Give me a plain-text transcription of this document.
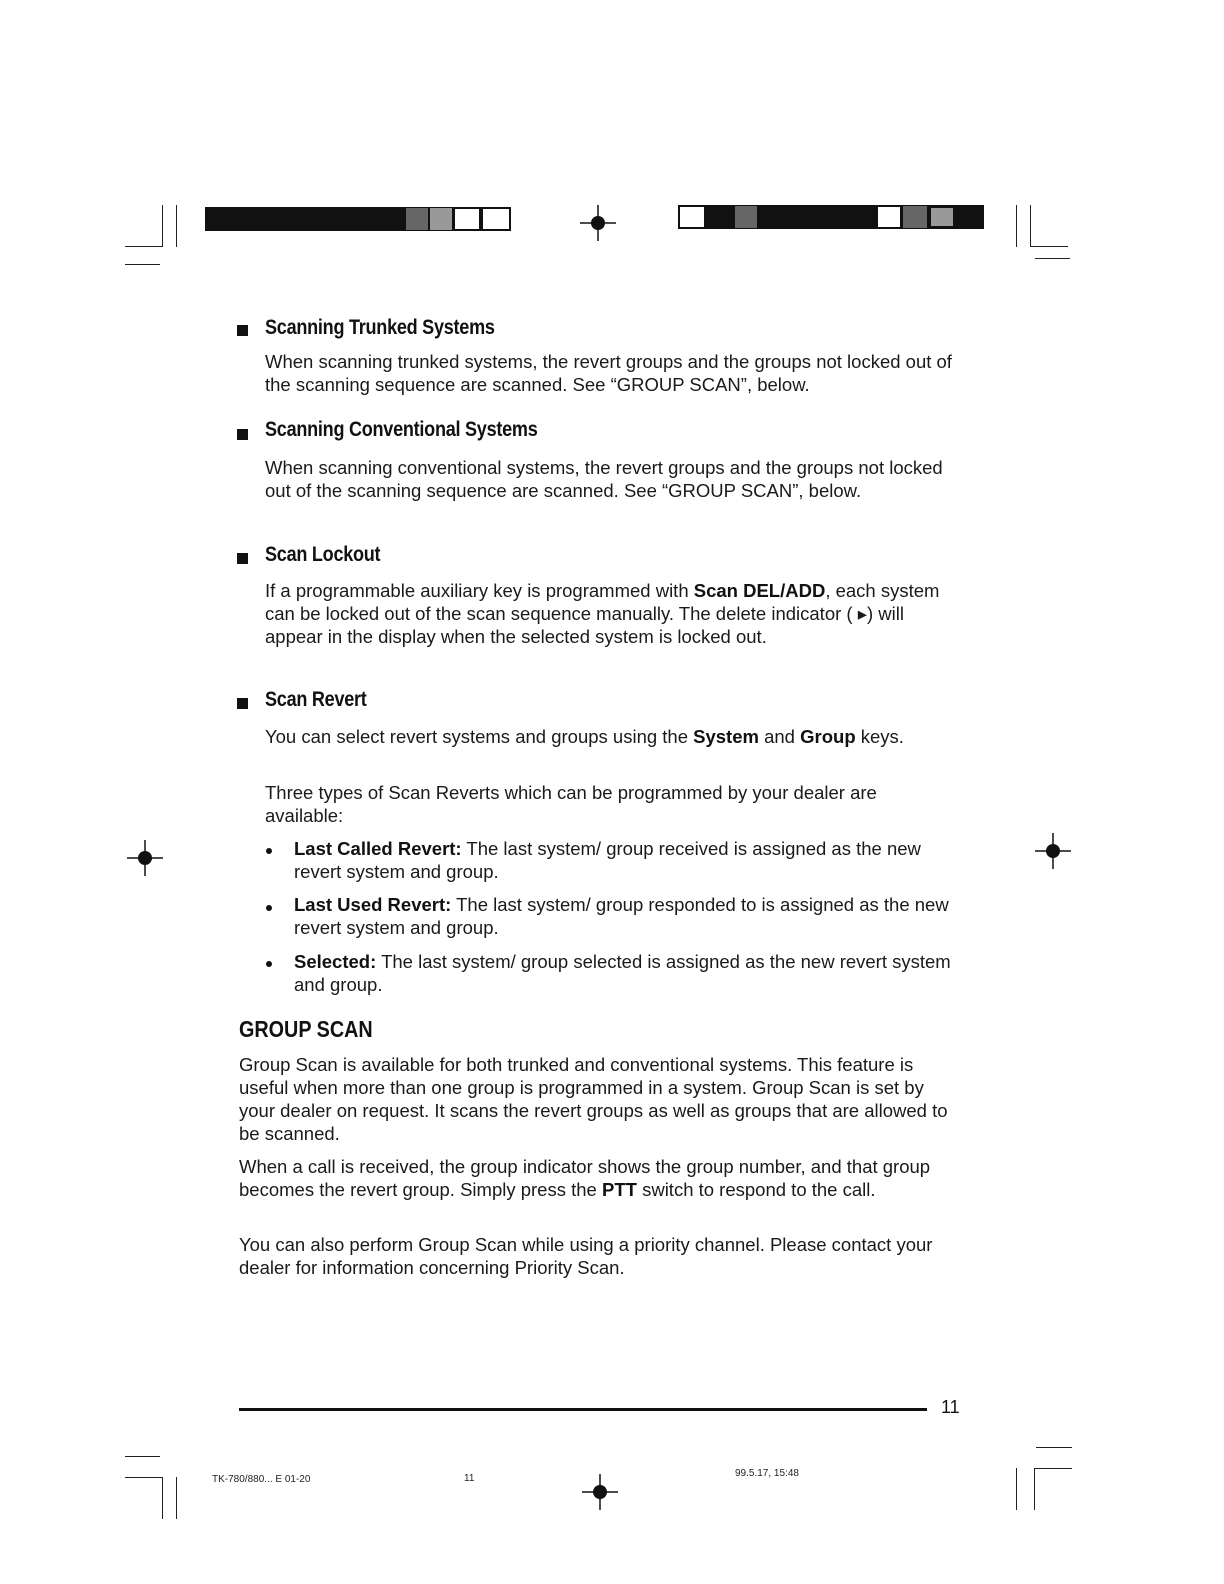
Scanning Trunked Systems
When scanning trunked systems, the revert groups and the groups not locked out of the scanning sequence are scanned. See “GROUP SCAN”, below.
Scanning Conventional Systems
When scanning conventional systems, the revert groups and the groups not locked out of the scanning sequence are scanned. See “GROUP SCAN”, below.
Scan Lockout
If a programmable auxiliary key is programmed with Scan DEL/ADD, each system can be locked out of the scan sequence manually. The delete indicator ( ▸) will appear in the display when the selected system is locked out.
Scan Revert
You can select revert systems and groups using the System and Group keys.
Three types of Scan Reverts which can be programmed by your dealer are available:
Last Called Revert: The last system/ group received is assigned as the new revert system and group.
Last Used Revert: The last system/ group responded to is assigned as the new revert system and group.
Selected: The last system/ group selected is assigned as the new revert system and group.
GROUP SCAN
Group Scan is available for both trunked and conventional systems. This feature is useful when more than one group is programmed in a system. Group Scan is set by your dealer on request. It scans the revert groups as well as groups that are allowed to be scanned.
When a call is received, the group indicator shows the group number, and that group becomes the revert group. Simply press the PTT switch to respond to the call.
You can also perform Group Scan while using a priority channel. Please contact your dealer for information concerning Priority Scan.
11
TK-780/880... E 01-20	11	99.5.17, 15:48
